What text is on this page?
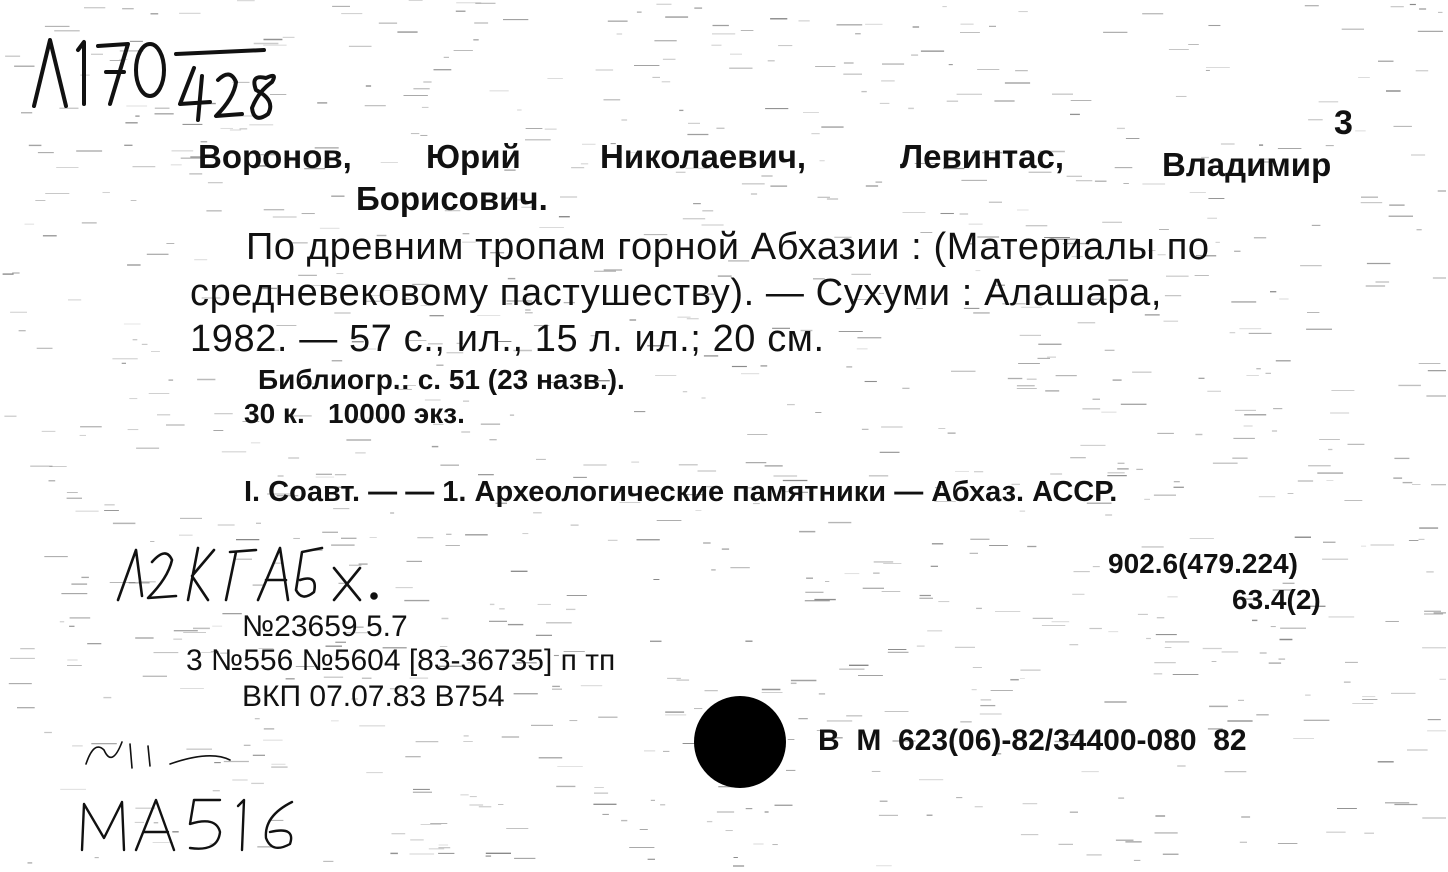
3
Воронов, Юрий Николаевич,	Левинтас,	Владимир
Борисович.
По древним тропам горной Абхазии : (Материалы по
средневековому пастушеству). — Сухуми : Алашара,
1982. — 57 с., ил., 15 л. ил.; 20 см.
Библиогр.: с. 51 (23 назв.).
30 к.   10000 экз.
I. Соавт. — — 1. Археологические памятники — Абхаз. АССР.
902.6(479.224)
63.4(2)
№23659 5.7
3 №556 №5604 [83-36735] п тп
ВКП 07.07.83 В754
В  М  623(06)-82/34400-080  82
